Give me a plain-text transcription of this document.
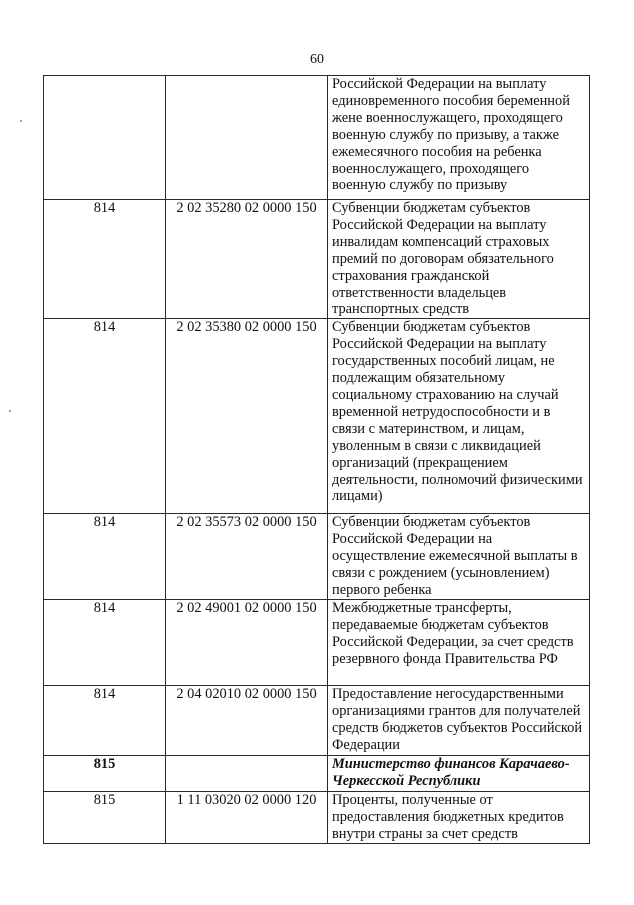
60
		Российской Федерации на выплату единовременного пособия беременной жене военнослужащего, проходящего военную службу по призыву, а также ежемесячного пособия на ребенка военнослужащего, проходящего военную службу по призыву
814	2 02 35280 02 0000 150	Субвенции бюджетам субъектов Российской Федерации на выплату инвалидам компенсаций страховых премий по договорам обязательного страхования гражданской ответственности владельцев транспортных средств
814	2 02 35380 02 0000 150	Субвенции бюджетам субъектов Российской Федерации на выплату государственных пособий лицам, не подлежащим обязательному социальному страхованию на случай временной нетрудоспособности и в связи с материнством, и лицам, уволенным в связи с ликвидацией организаций (прекращением деятельности, полномочий физическими лицами)
814	2 02 35573 02 0000 150	Субвенции бюджетам субъектов Российской Федерации на осуществление ежемесячной выплаты в связи с рождением (усыновлением) первого ребенка
814	2 02 49001 02 0000 150	Межбюджетные трансферты, передаваемые бюджетам субъектов Российской Федерации, за счет средств резервного фонда Правительства РФ
814	2 04 02010 02 0000 150	Предоставление негосударственными организациями грантов для получателей средств бюджетов субъектов Российской Федерации
815		Министерство финансов Карачаево-Черкесской Республики
815	1 11 03020 02 0000 120	Проценты, полученные от предоставления бюджетных кредитов внутри страны за счет средств
